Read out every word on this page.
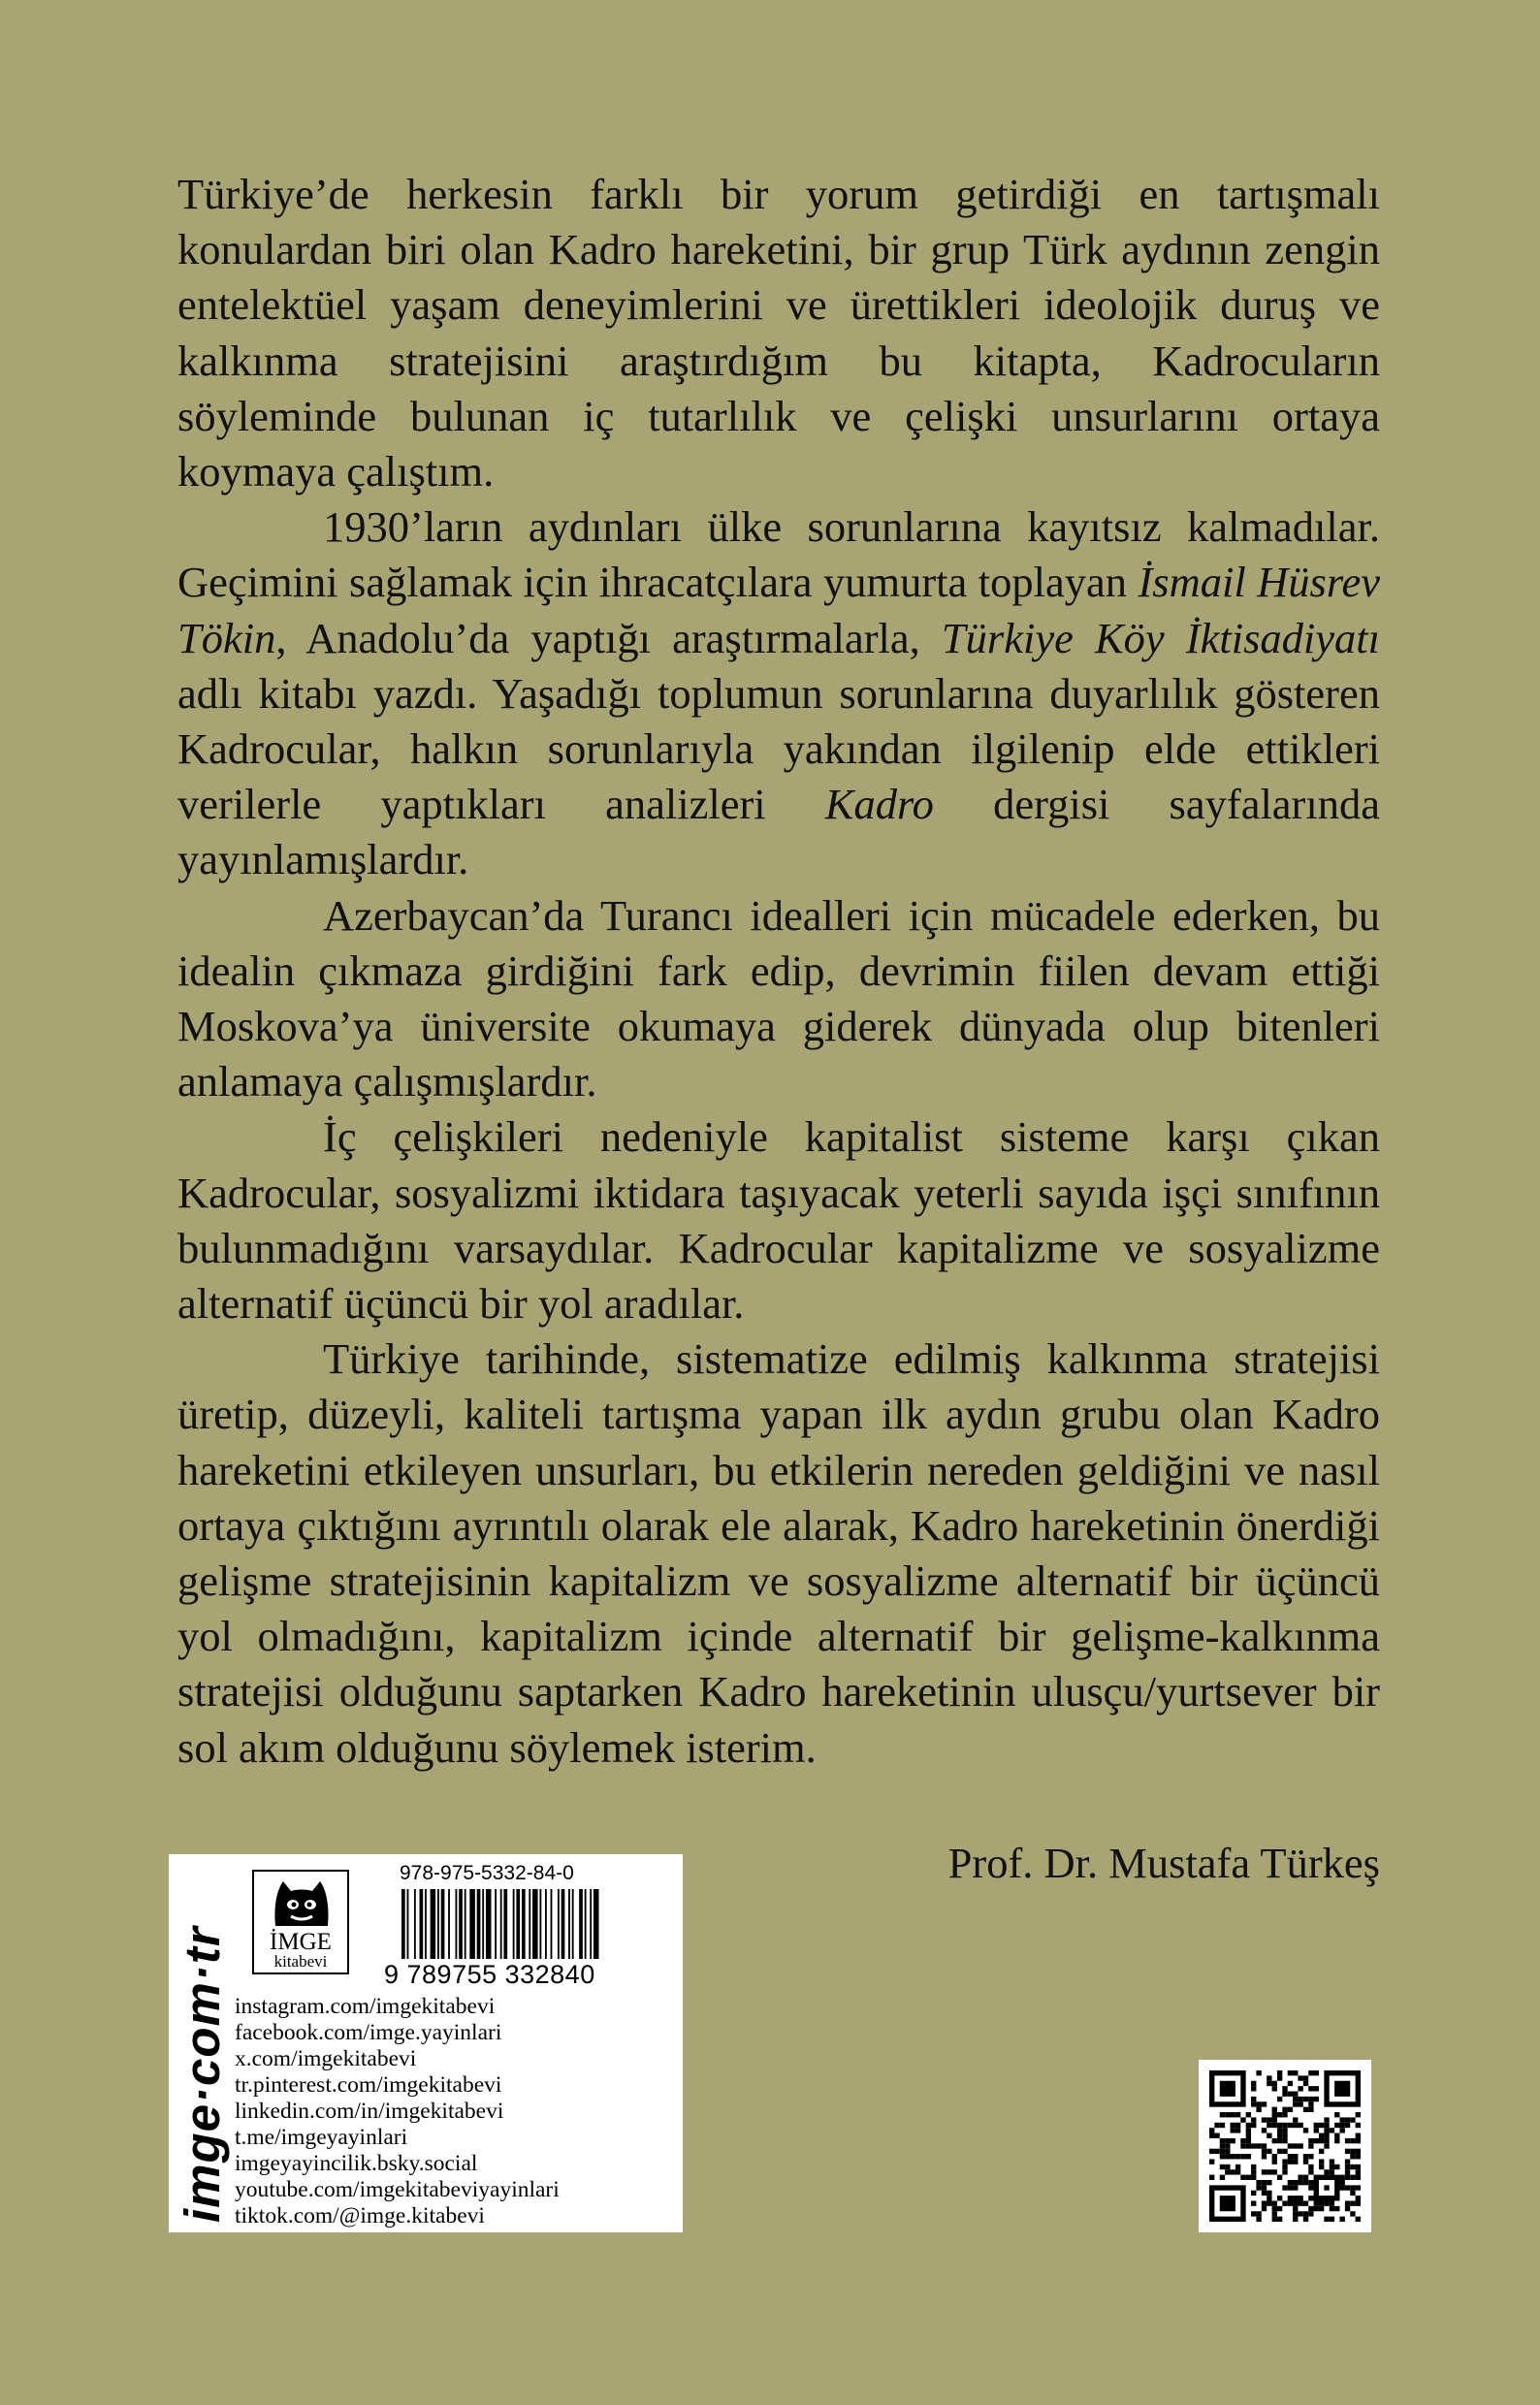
Türkiye’de herkesin farklı bir yorum getirdiği en tartışmalı konulardan biri olan Kadro hareketini, bir grup Türk aydının zengin entelektüel yaşam deneyimlerini ve ürettikleri ideolojik duruş ve kalkınma stratejisini araştırdığım bu kitapta, Kadrocuların söyleminde bulunan iç tutarlılık ve çelişki unsurlarını ortaya koymaya çalıştım.

1930’ların aydınları ülke sorunlarına kayıtsız kalmadılar. Geçimini sağlamak için ihracatçılara yumurta toplayan İsmail Hüsrev Tökin, Anadolu’da yaptığı araştırmalarla, Türkiye Köy İktisadiyatı adlı kitabı yazdı. Yaşadığı toplumun sorunlarına duyarlılık gösteren Kadrocular, halkın sorunlarıyla yakından ilgilenip elde ettikleri verilerle yaptıkları analizleri Kadro dergisi sayfalarında yayınlamışlardır.

Azerbaycan’da Turancı idealleri için mücadele ederken, bu idealin çıkmaza girdiğini fark edip, devrimin fiilen devam ettiği Moskova’ya üniversite okumaya giderek dünyada olup bitenleri anlamaya çalışmışlardır.

İç çelişkileri nedeniyle kapitalist sisteme karşı çıkan Kadrocular, sosyalizmi iktidara taşıyacak yeterli sayıda işçi sınıfının bulunmadığını varsaydılar. Kadrocular kapitalizme ve sosyalizme alternatif üçüncü bir yol aradılar.

Türkiye tarihinde, sistematize edilmiş kalkınma stratejisi üretip, düzeyli, kaliteli tartışma yapan ilk aydın grubu olan Kadro hareketini etkileyen unsurları, bu etkilerin nereden geldiğini ve nasıl ortaya çıktığını ayrıntılı olarak ele alarak, Kadro hareketinin önerdiği gelişme stratejisinin kapitalizm ve sosyalizme alternatif bir üçüncü yol olmadığını, kapitalizm içinde alternatif bir gelişme-kalkınma stratejisi olduğunu saptarken Kadro hareketinin ulusçu/yurtsever bir sol akım olduğunu söylemek isterim.

Prof. Dr. Mustafa Türkeş
imge·com·tr	İMGE
kitabevi
978-975-5332-84-0
9 789755 332840
instagram.com/imgekitabevi
facebook.com/imge.yayinlari
x.com/imgekitabevi
tr.pinterest.com/imgekitabevi
linkedin.com/in/imgekitabevi
t.me/imgeyayinlari
imgeyayincilik.bsky.social
youtube.com/imgekitabeviyayinlari
tiktok.com/@imge.kitabevi
